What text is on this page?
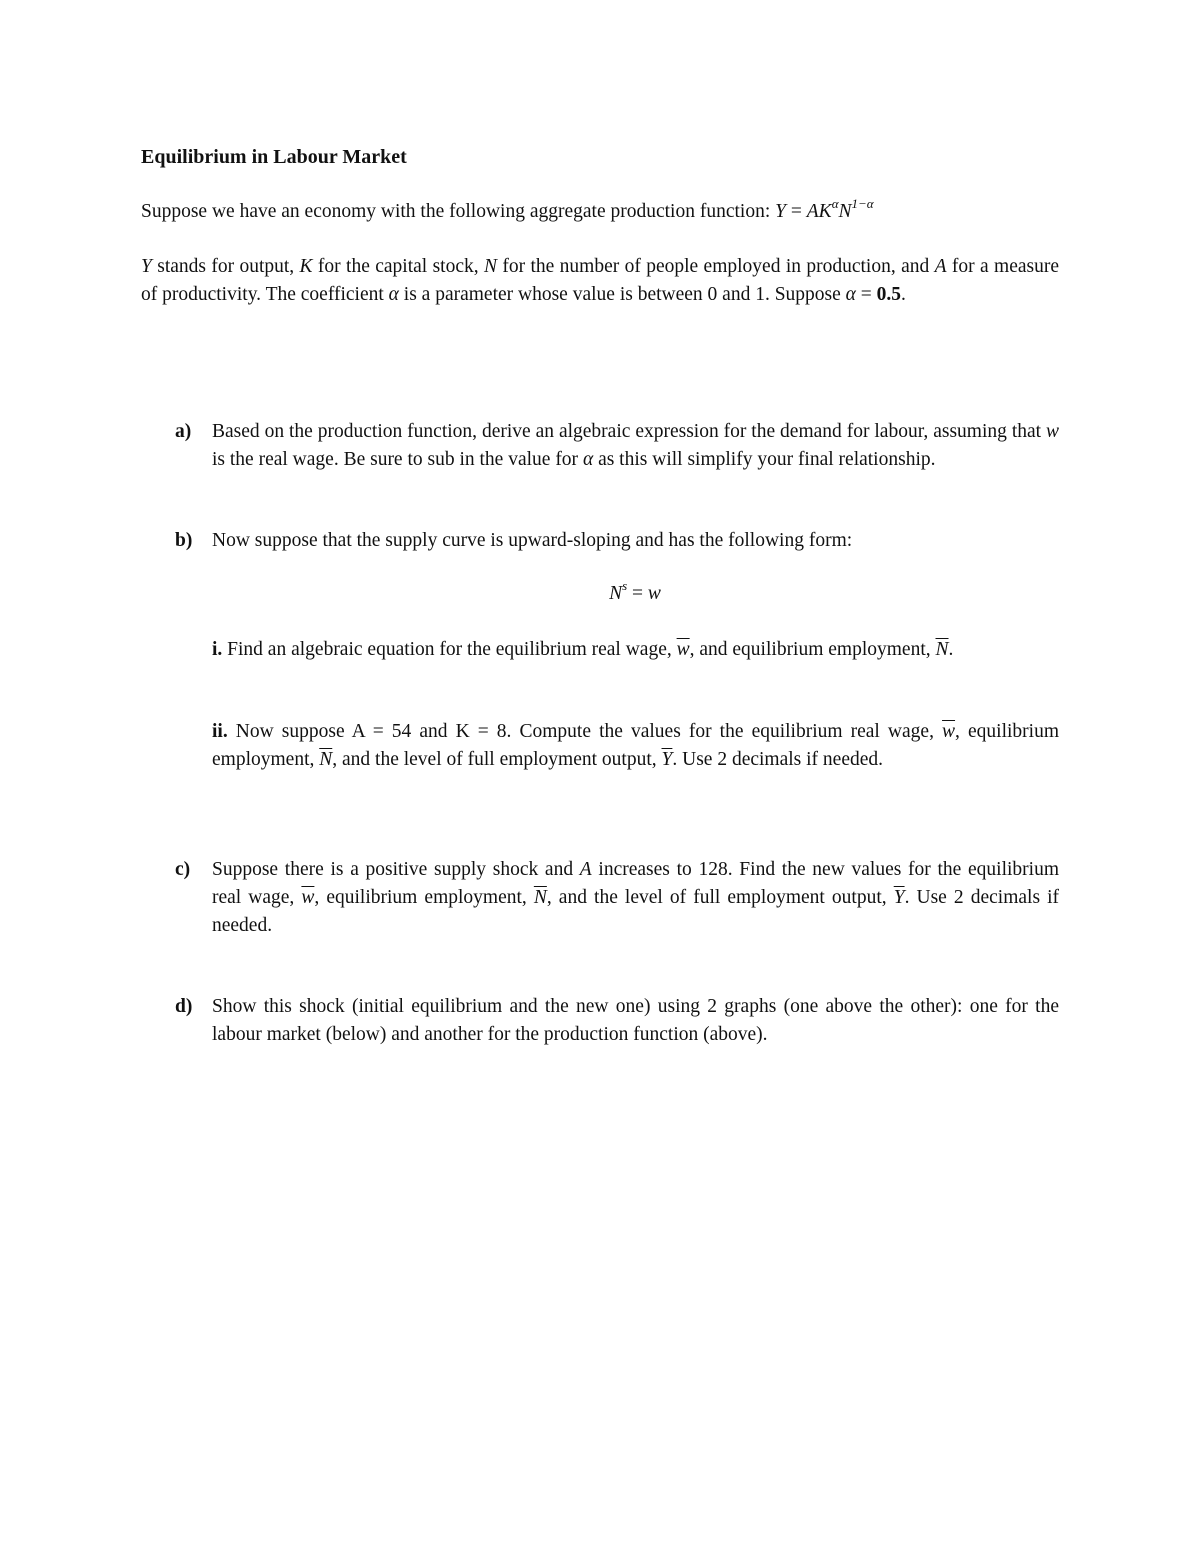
Equilibrium in Labour Market
Suppose we have an economy with the following aggregate production function: $Y = AK^\alpha N^{1-\alpha}$
Y stands for output, K for the capital stock, N for the number of people employed in production, and A for a measure of productivity. The coefficient α is a parameter whose value is between 0 and 1. Suppose α = 0.5.
a) Based on the production function, derive an algebraic expression for the demand for labour, assuming that w is the real wage. Be sure to sub in the value for α as this will simplify your final relationship.
b) Now suppose that the supply curve is upward-sloping and has the following form:
$N^s = w$
i. Find an algebraic equation for the equilibrium real wage, $\overline{w}$, and equilibrium employment, $\overline{N}$.
ii. Now suppose A = 54 and K = 8. Compute the values for the equilibrium real wage, $\overline{w}$, equilibrium employment, $\overline{N}$, and the level of full employment output, $\overline{Y}$. Use 2 decimals if needed.
c) Suppose there is a positive supply shock and A increases to 128. Find the new values for the equilibrium real wage, $\overline{w}$, equilibrium employment, $\overline{N}$, and the level of full employment output, $\overline{Y}$. Use 2 decimals if needed.
d) Show this shock (initial equilibrium and the new one) using 2 graphs (one above the other): one for the labour market (below) and another for the production function (above).
